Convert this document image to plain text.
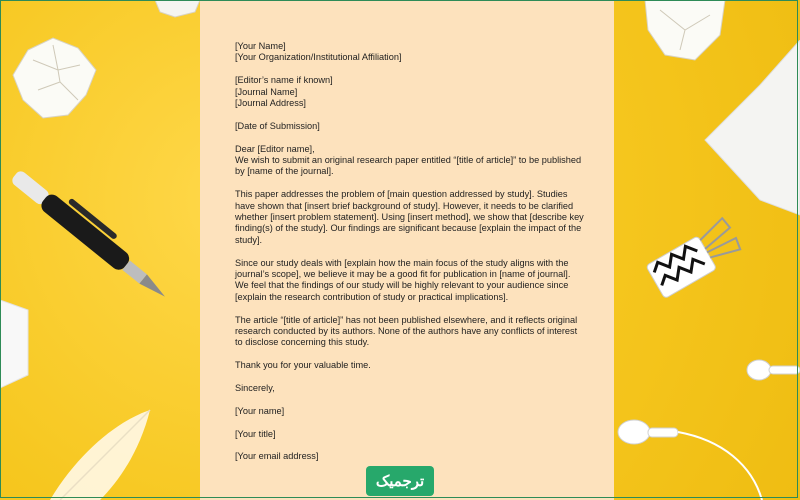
[Your Name]
[Your Organization/Institutional Affiliation]

[Editor’s name if known]
[Journal Name]
[Journal Address]

[Date of Submission]

Dear [Editor name],
We wish to submit an original research paper entitled “[title of article]” to be published by [name of the journal].

This paper addresses the problem of [main question addressed by study]. Studies have shown that [insert brief background of study]. However, it needs to be clarified whether [insert problem statement]. Using [insert method], we show that [describe key finding(s) of the study]. Our findings are significant because [explain the impact of the study].

Since our study deals with [explain how the main focus of the study aligns with the journal’s scope], we believe it may be a good fit for publication in [name of journal]. We feel that the findings of our study will be highly relevant to your audience since [explain the research contribution of study or practical implications].

The article “[title of article]” has not been published elsewhere, and it reflects original research conducted by its authors. None of the authors have any conflicts of interest to disclose concerning this study.

Thank you for your valuable time.

Sincerely,

[Your name]

[Your title]

[Your email address]

ترجمیک
